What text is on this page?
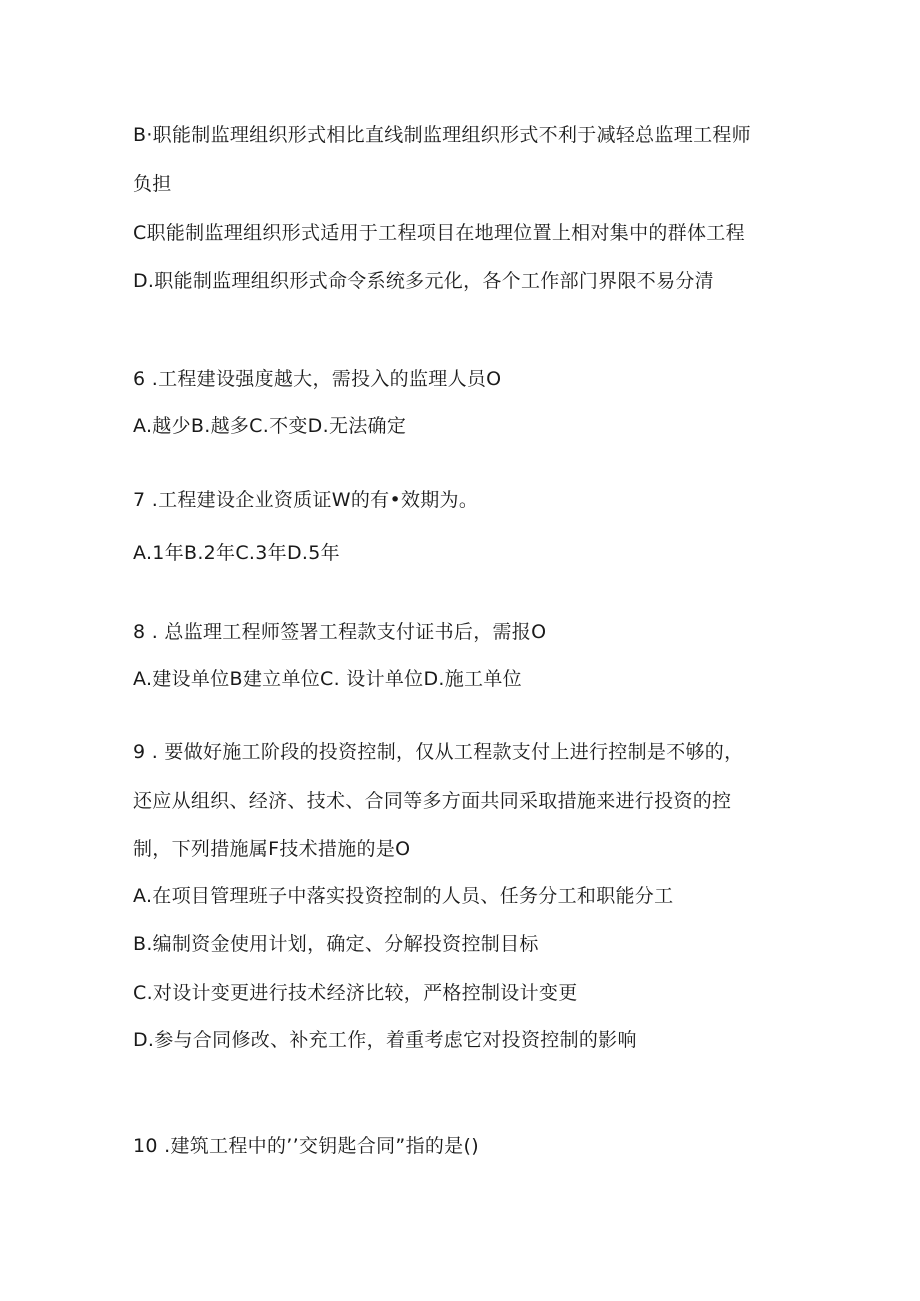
B·职能制监理组织形式相比直线制监理组织形式不利于减轻总监理工程师
负担
C职能制监理组织形式适用于工程项目在地理位置上相对集中的群体工程
D.职能制监理组织形式命令系统多元化，各个工作部门界限不易分清
6 .工程建设强度越大，需投入的监理人员O
A.越少B.越多C.不变D.无法确定
7 .工程建设企业资质证W的有•效期为。
A.1年B.2年C.3年D.5年
8 . 总监理工程师签署工程款支付证书后，需报O
A.建设单位B建立单位C. 设计单位D.施工单位
9 . 要做好施工阶段的投资控制，仅从工程款支付上进行控制是不够的，
还应从组织、经济、技术、合同等多方面共同采取措施来进行投资的控
制，下列措施属F技术措施的是O
A.在项目管理班子中落实投资控制的人员、任务分工和职能分工
B.编制资金使用计划，确定、分解投资控制目标
C.对设计变更进行技术经济比较，严格控制设计变更
D.参与合同修改、补充工作，着重考虑它对投资控制的影响
10 .建筑工程中的’’交钥匙合同”指的是()
